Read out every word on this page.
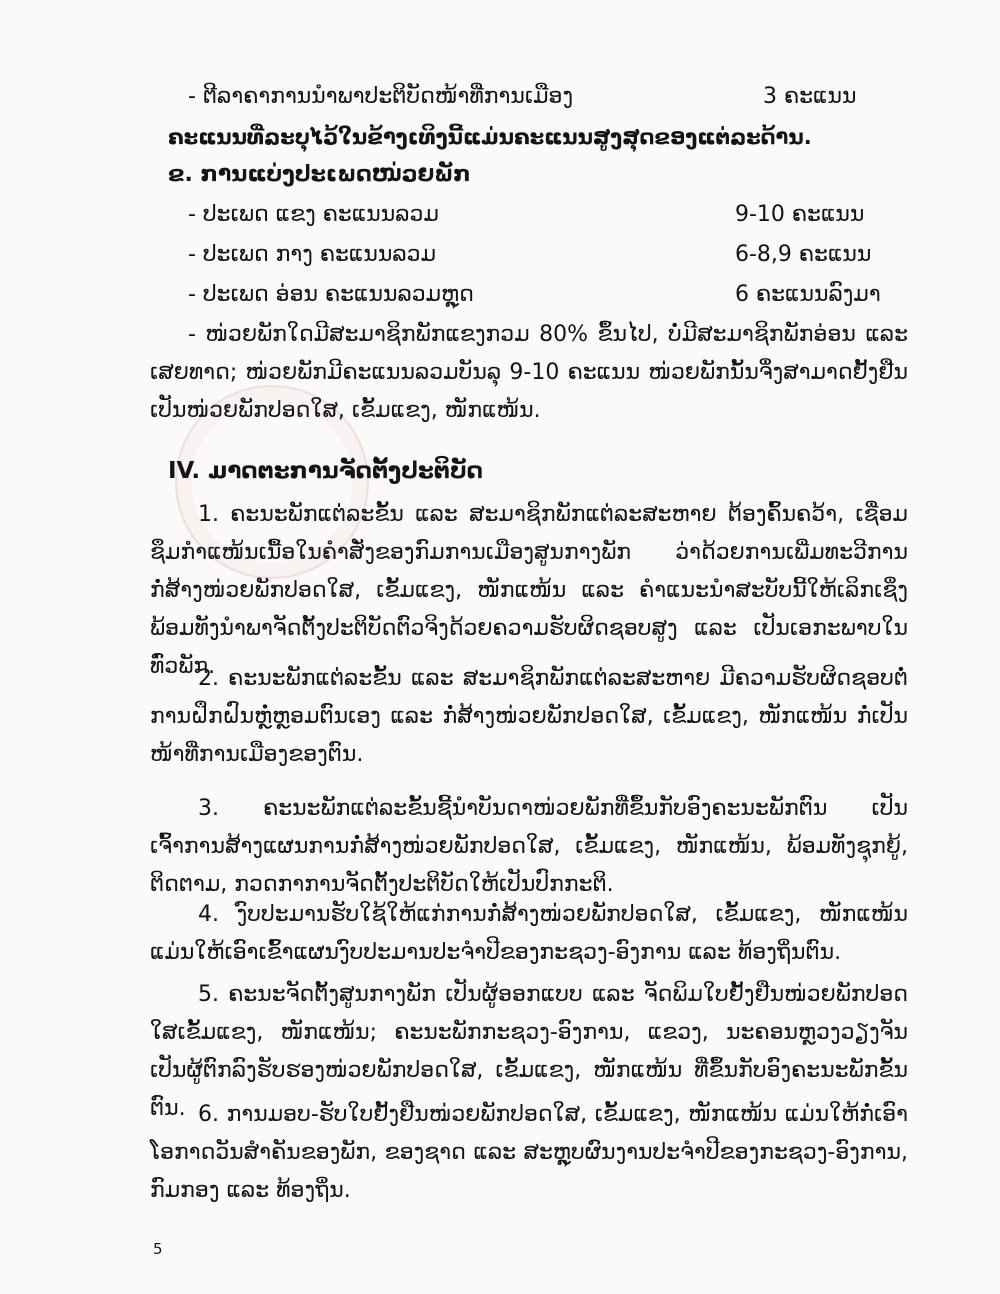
- ຕີລາຄາການນຳພາປະຕິບັດໜ້າທີ່ການເມືອງ	3 ຄະແນນ
ຄະແນນທີ່ລະບຸໄວ້ໃນຂ້າງເທິງນີ້ແມ່ນຄະແນນສູງສຸດຂອງແຕ່ລະດ້ານ.
ຂ. ການແບ່ງປະເພດໜ່ວຍພັກ
- ປະເພດ ແຂງ ຄະແນນລວມ	9-10 ຄະແນນ
- ປະເພດ ກາງ ຄະແນນລວມ	6-8,9 ຄະແນນ
- ປະເພດ ອ່ອນ ຄະແນນລວມຫຼຸດ	6 ຄະແນນລົງມາ
- ໜ່ວຍພັກໃດມີສະມາຊິກພັກແຂງກວມ 80% ຂຶ້ນໄປ, ບໍ່ມີສະມາຊິກພັກອ່ອນ ແລະ ເສຍທາດ; ໜ່ວຍພັກມີຄະແນນລວມບັນລຸ 9-10 ຄະແນນ ໜ່ວຍພັກນັ້ນຈຶ່ງສາມາດຢັ້ງຢືນເປັນໜ່ວຍພັກປອດໃສ, ເຂັ້ມແຂງ, ໜັກແໜ້ນ.
IV. ມາດຕະການຈັດຕັ້ງປະຕິບັດ
1. ຄະນະພັກແຕ່ລະຂັ້ນ ແລະ ສະມາຊິກພັກແຕ່ລະສະຫາຍ ຕ້ອງຄົ້ນຄວ້າ, ເຊື່ອມຊຶມກຳແໜ້ນເນື້ອໃນຄຳສັ່ງຂອງກົມການເມືອງສູນກາງພັກ ວ່າດ້ວຍການເພີ່ມທະວີການກໍ່ສ້າງໜ່ວຍພັກປອດໃສ, ເຂັ້ມແຂງ, ໜັກແໜ້ນ ແລະ ຄຳແນະນຳສະບັບນີ້ໃຫ້ເລິກເຊິ່ງ ພ້ອມທັງນຳພາຈັດຕັ້ງປະຕິບັດຕົວຈິງດ້ວຍຄວາມຮັບຜິດຊອບສູງ ແລະ ເປັນເອກະພາບໃນທົ່ວພັກ.
2. ຄະນະພັກແຕ່ລະຂັ້ນ ແລະ ສະມາຊິກພັກແຕ່ລະສະຫາຍ ມີຄວາມຮັບຜິດຊອບຕໍ່ການຝຶກຝົນຫຼໍ່ຫຼອມຕົນເອງ ແລະ ກໍ່ສ້າງໜ່ວຍພັກປອດໃສ, ເຂັ້ມແຂງ, ໜັກແໜ້ນ ກໍ່ເປັນໜ້າທີ່ການເມືອງຂອງຕົນ.
3. ຄະນະພັກແຕ່ລະຂັ້ນຊີ້ນຳບັນດາໜ່ວຍພັກທີ່ຂຶ້ນກັບອົງຄະນະພັກຕົນ ເປັນເຈົ້າການສ້າງແຜນການກໍ່ສ້າງໜ່ວຍພັກປອດໃສ, ເຂັ້ມແຂງ, ໜັກແໜ້ນ, ພ້ອມທັງຊຸກຍູ້, ຕິດຕາມ, ກວດກາການຈັດຕັ້ງປະຕິບັດໃຫ້ເປັນປົກກະຕິ.
4. ງົບປະມານຮັບໃຊ້ໃຫ້ແກ່ການກໍ່ສ້າງໜ່ວຍພັກປອດໃສ, ເຂັ້ມແຂງ, ໜັກແໜ້ນແມ່ນໃຫ້ເອົາເຂົ້າແຜນງົບປະມານປະຈຳປີຂອງກະຊວງ-ອົງການ ແລະ ທ້ອງຖິ່ນຕົນ.
5. ຄະນະຈັດຕັ້ງສູນກາງພັກ ເປັນຜູ້ອອກແບບ ແລະ ຈັດພິມໃບຢັ້ງຢືນໜ່ວຍພັກປອດໃສເຂັ້ມແຂງ, ໜັກແໜ້ນ; ຄະນະພັກກະຊວງ-ອົງການ, ແຂວງ, ນະຄອນຫຼວງວຽງຈັນ ເປັນຜູ້ຕົກລົງຮັບຮອງໜ່ວຍພັກປອດໃສ, ເຂັ້ມແຂງ, ໜັກແໜ້ນ ທີ່ຂຶ້ນກັບອົງຄະນະພັກຂັ້ນຕົນ. 6. ການມອບ-ຮັບໃບຢັ້ງຢືນໜ່ວຍພັກປອດໃສ, ເຂັ້ມແຂງ, ໜັກແໜ້ນ ແມ່ນໃຫ້ກໍ່ເອົາໂອກາດວັນສຳຄັນຂອງພັກ, ຂອງຊາດ ແລະ ສະຫຼຸບຜົນງານປະຈຳປີຂອງກະຊວງ-ອົງການ, ກົມກອງ ແລະ ທ້ອງຖິ່ນ.
5
